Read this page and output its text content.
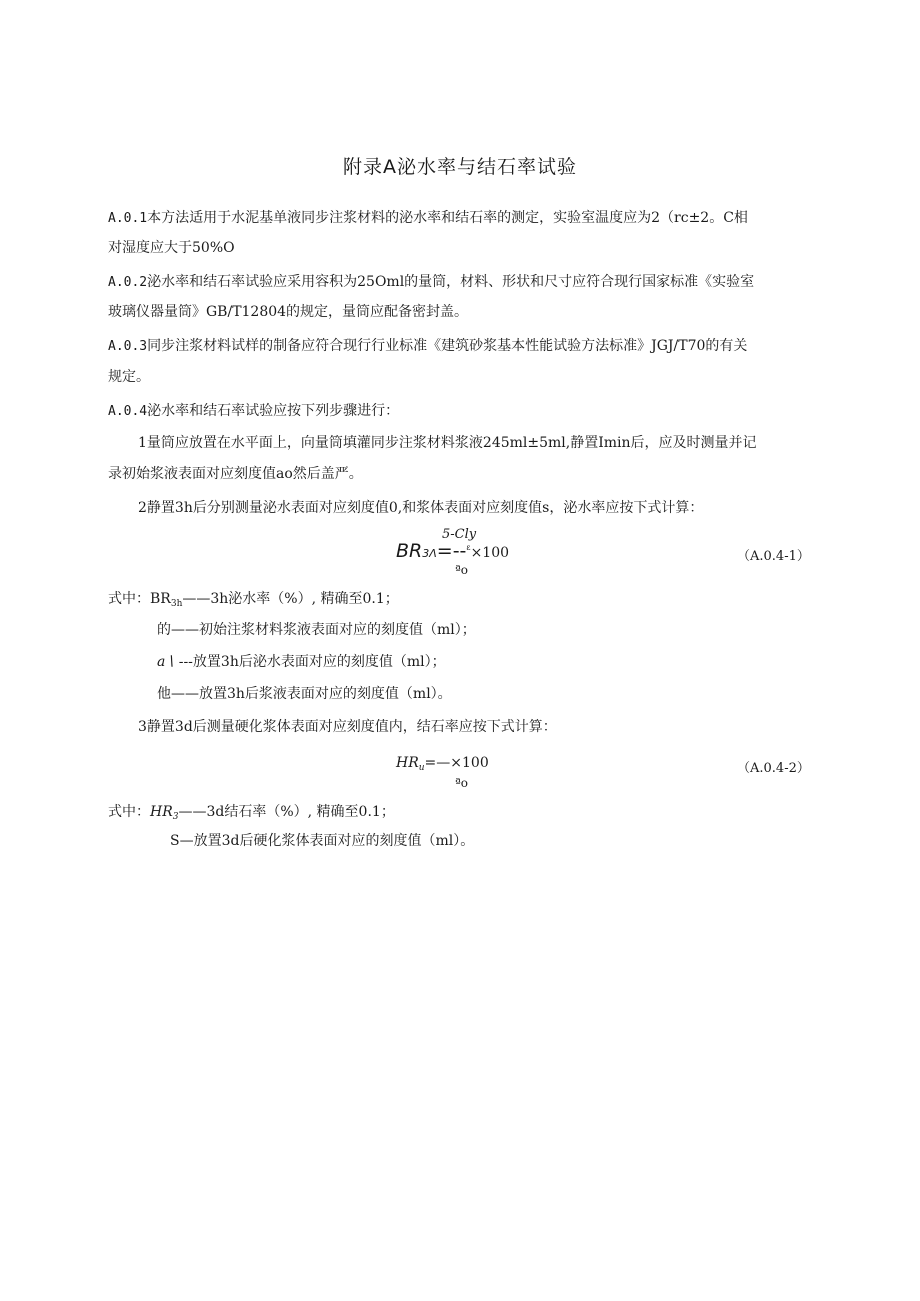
附录A泌水率与结石率试验
A.0.1本方法适用于水泥基单液同步注浆材料的泌水率和结石率的测定，实验室温度应为2（rc±2。C相
对湿度应大于50%O
A.0.2泌水率和结石率试验应采用容积为25Oml的量筒，材料、形状和尺寸应符合现行国家标准《实验室
玻璃仪器量筒》GB/T12804的规定，量筒应配备密封盖。
A.0.3同步注浆材料试样的制备应符合现行行业标准《建筑砂浆基本性能试验方法标准》JGJ/T70的有关
规定。
A.0.4泌水率和结石率试验应按下列步骤进行：
1量筒应放置在水平面上，向量筒填灌同步注浆材料浆液245ml±5ml,静置Imin后，应及时测量并记
录初始浆液表面对应刻度值ao然后盖严。
2静置3h后分别测量泌水表面对应刻度值0,和浆体表面对应刻度值s，泌水率应按下式计算：
5-Cly
BR3Λ=--$^\varepsilon$×100
ªo
（A.0.4-1）
式中：$BR_{3h}——3h$泌水率（%）, 精确至0.1；
的——初始注浆材料浆液表面对应的刻度值（ml）；
a∖ ---放置3h后泌水表面对应的刻度值（ml）；
他——放置3h后浆液表面对应的刻度值（ml）。
3静置3d后测量硬化浆体表面对应刻度值内，结石率应按下式计算：
$HR_u=—\times 100$
ªo
（A.0.4-2）
式中：$HR_3——3d$结石率（%）, 精确至0.1；
S—放置3d后硬化浆体表面对应的刻度值（ml）。
